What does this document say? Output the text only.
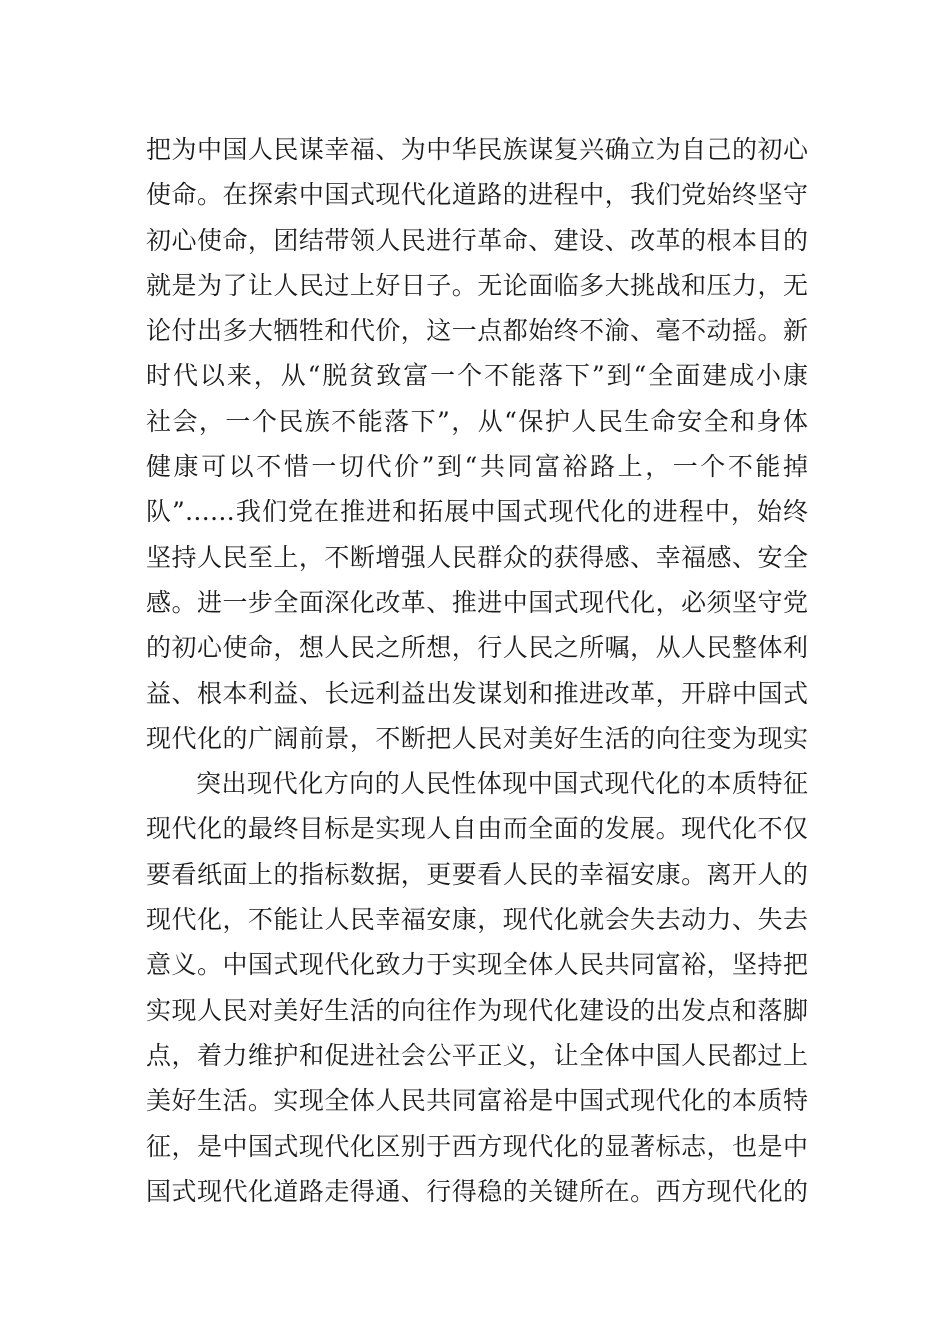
把为中国人民谋幸福、为中华民族谋复兴确立为自己的初心
使命。在探索中国式现代化道路的进程中，我们党始终坚守
初心使命，团结带领人民进行革命、建设、改革的根本目的
就是为了让人民过上好日子。无论面临多大挑战和压力，无
论付出多大牺牲和代价，这一点都始终不渝、毫不动摇。新
时代以来，从“脱贫致富一个不能落下”到“全面建成小康
社会，一个民族不能落下”，从“保护人民生命安全和身体
健康可以不惜一切代价”到“共同富裕路上，一个不能掉
队”……我们党在推进和拓展中国式现代化的进程中，始终
坚持人民至上，不断增强人民群众的获得感、幸福感、安全
感。进一步全面深化改革、推进中国式现代化，必须坚守党
的初心使命，想人民之所想，行人民之所嘱，从人民整体利
益、根本利益、长远利益出发谋划和推进改革，开辟中国式
现代化的广阔前景，不断把人民对美好生活的向往变为现实
突出现代化方向的人民性体现中国式现代化的本质特征
现代化的最终目标是实现人自由而全面的发展。现代化不仅
要看纸面上的指标数据，更要看人民的幸福安康。离开人的
现代化，不能让人民幸福安康，现代化就会失去动力、失去
意义。中国式现代化致力于实现全体人民共同富裕，坚持把
实现人民对美好生活的向往作为现代化建设的出发点和落脚
点，着力维护和促进社会公平正义，让全体中国人民都过上
美好生活。实现全体人民共同富裕是中国式现代化的本质特
征，是中国式现代化区别于西方现代化的显著标志，也是中
国式现代化道路走得通、行得稳的关键所在。西方现代化的
